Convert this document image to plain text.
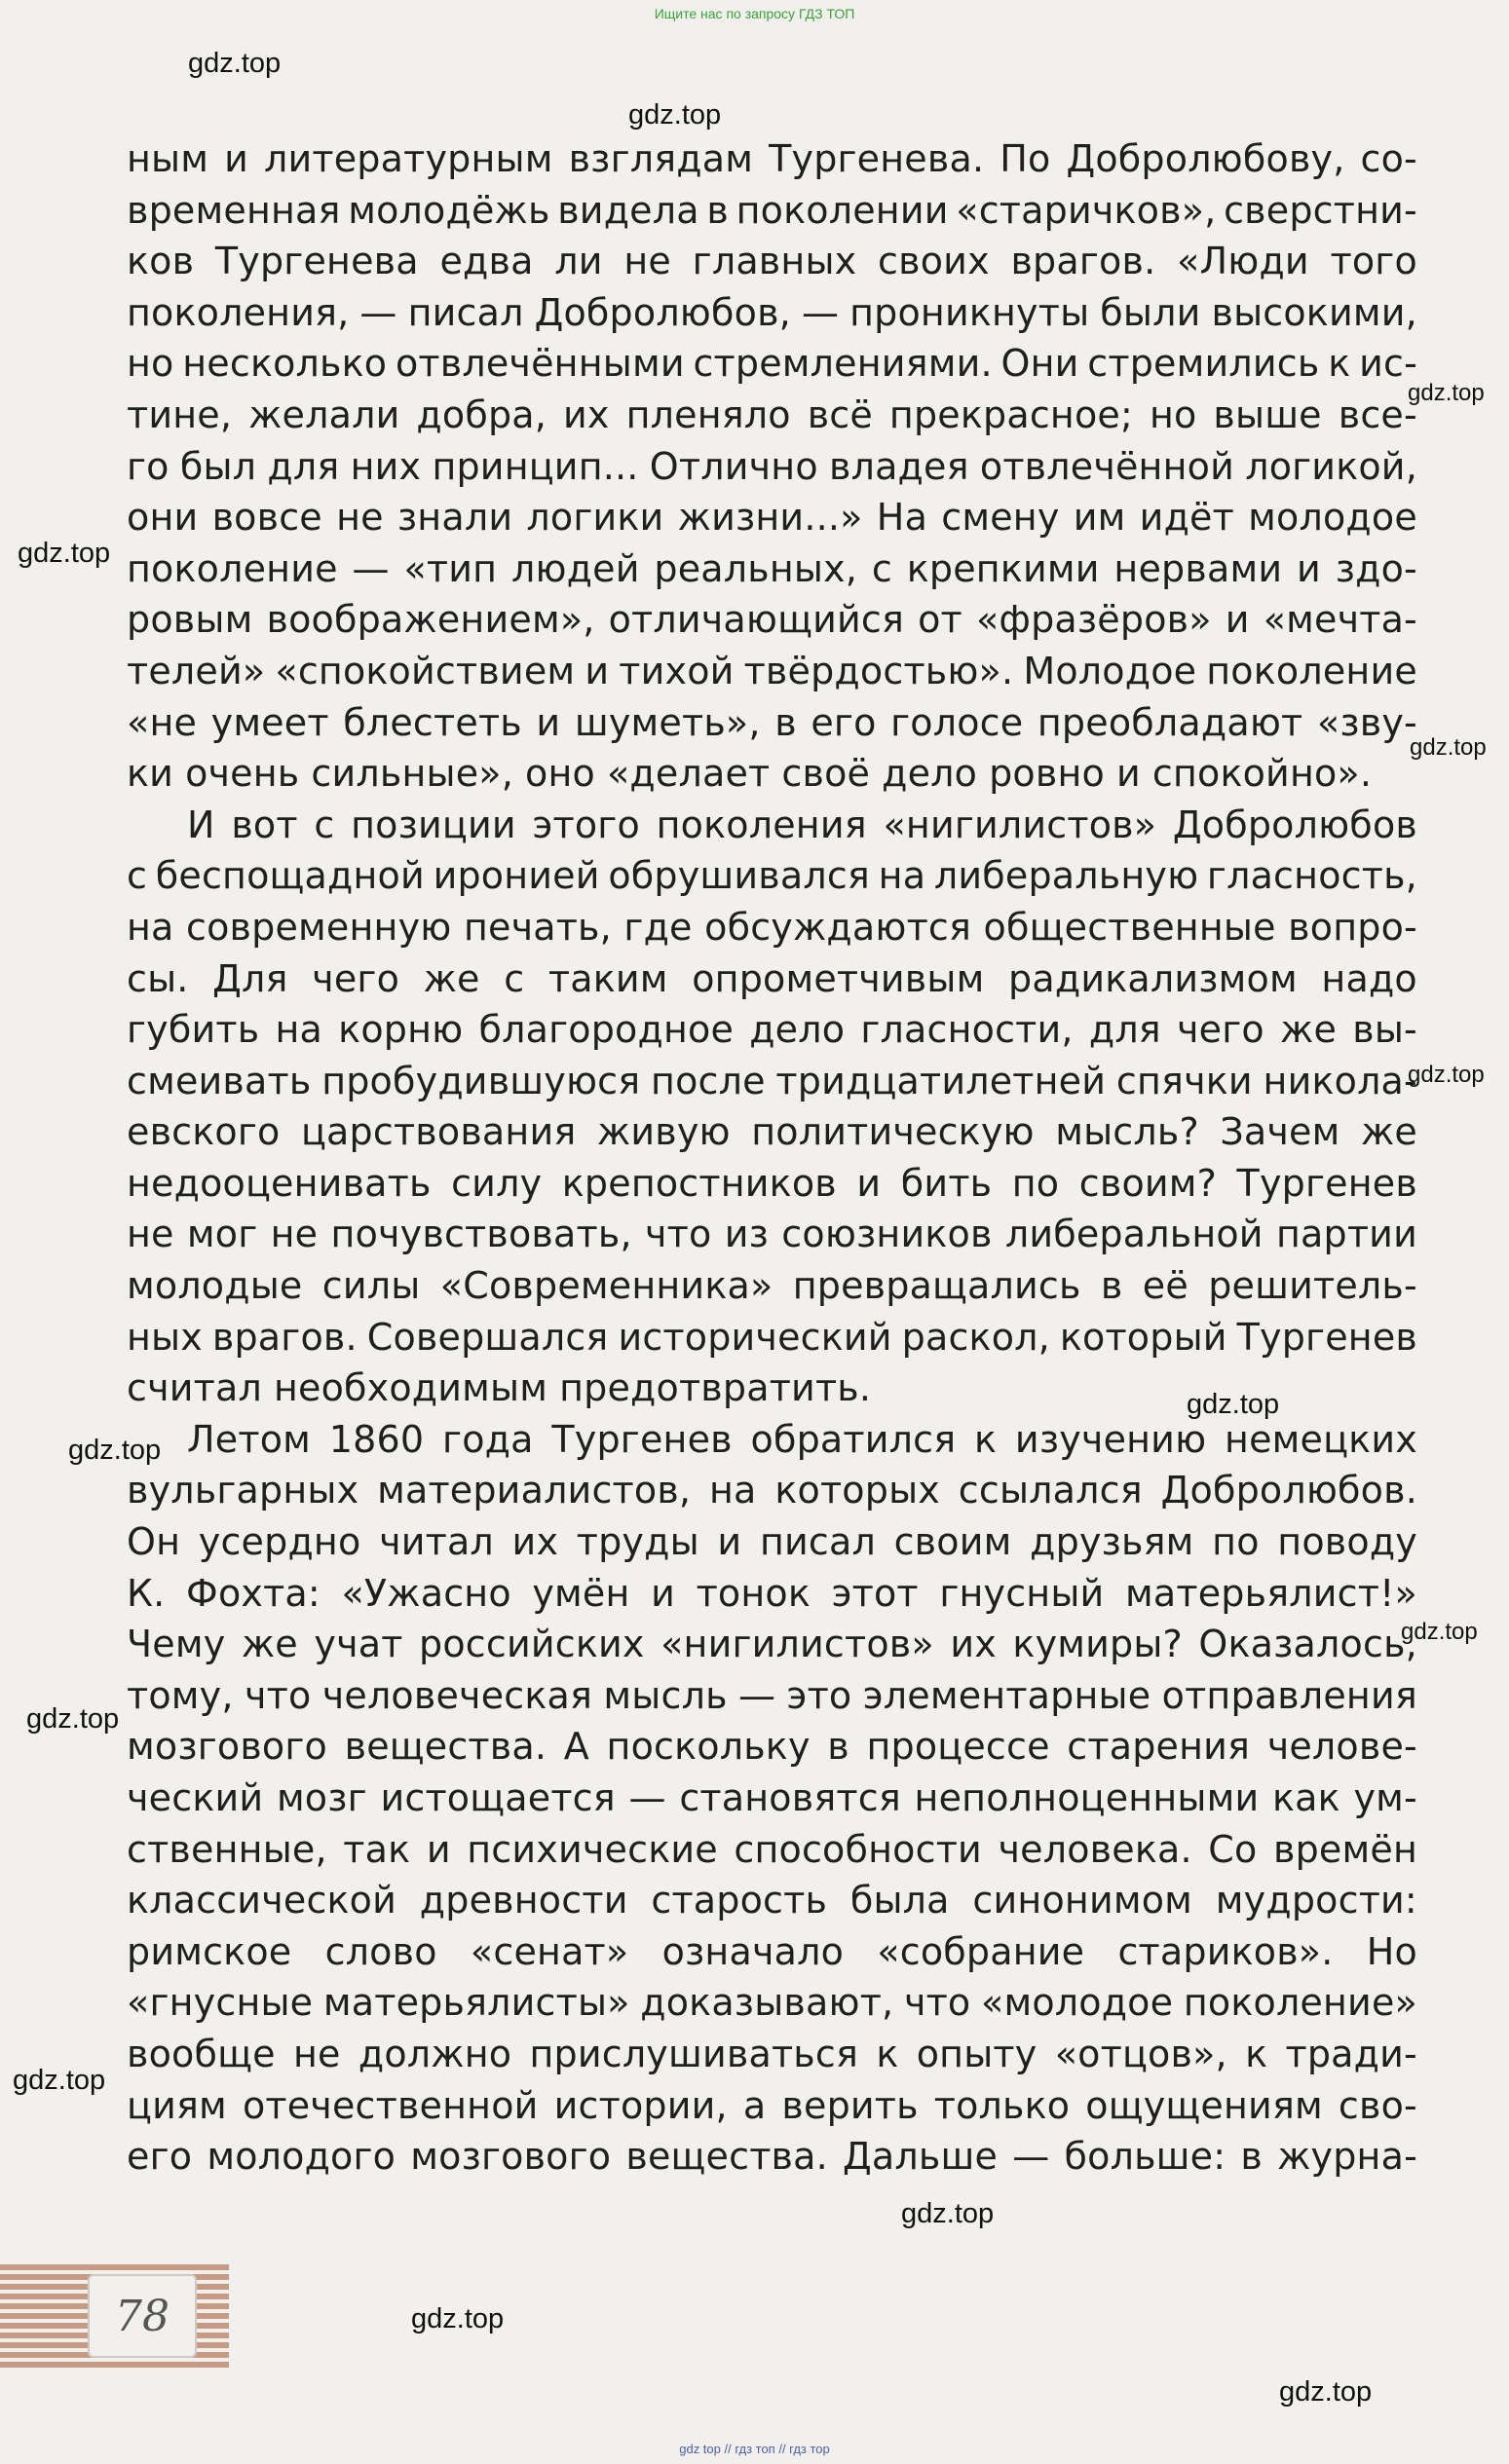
Ищите нас по запросу ГДЗ ТОП
ным и литературным взглядам Тургенева. По Добролюбову, со-
временная молодёжь видела в поколении «старичков», сверстни-
ков Тургенева едва ли не главных своих врагов. «Люди того
поколения, — писал Добролюбов, — проникнуты были высокими,
но несколько отвлечёнными стремлениями. Они стремились к ис-
тине, желали добра, их пленяло всё прекрасное; но выше все-
го был для них принцип... Отлично владея отвлечённой логикой,
они вовсе не знали логики жизни...» На смену им идёт молодое
поколение — «тип людей реальных, с крепкими нервами и здо-
ровым воображением», отличающийся от «фразёров» и «мечта-
телей» «спокойствием и тихой твёрдостью». Молодое поколение
«не умеет блестеть и шуметь», в его голосе преобладают «зву-
ки очень сильные», оно «делает своё дело ровно и спокойно».
И вот с позиции этого поколения «нигилистов» Добролюбов
с беспощадной иронией обрушивался на либеральную гласность,
на современную печать, где обсуждаются общественные вопро-
сы. Для чего же с таким опрометчивым радикализмом надо
губить на корню благородное дело гласности, для чего же вы-
смеивать пробудившуюся после тридцатилетней спячки никола-
евского царствования живую политическую мысль? Зачем же
недооценивать силу крепостников и бить по своим? Тургенев
не мог не почувствовать, что из союзников либеральной партии
молодые силы «Современника» превращались в её решитель-
ных врагов. Совершался исторический раскол, который Тургенев
считал необходимым предотвратить.
Летом 1860 года Тургенев обратился к изучению немецких
вульгарных материалистов, на которых ссылался Добролюбов.
Он усердно читал их труды и писал своим друзьям по поводу
К. Фохта: «Ужасно умён и тонок этот гнусный матерьялист!»
Чему же учат российских «нигилистов» их кумиры? Оказалось,
тому, что человеческая мысль — это элементарные отправления
мозгового вещества. А поскольку в процессе старения челове-
ческий мозг истощается — становятся неполноценными как ум-
ственные, так и психические способности человека. Со времён
классической древности старость была синонимом мудрости:
римское слово «сенат» означало «собрание стариков». Но
«гнусные матерьялисты» доказывают, что «молодое поколение»
вообще не должно прислушиваться к опыту «отцов», к тради-
циям отечественной истории, а верить только ощущениям сво-
его молодого мозгового вещества. Дальше — больше: в журна-
gdz.top
gdz.top
gdz.top
gdz.top
gdz.top
gdz.top
gdz.top
gdz.top
gdz.top
gdz.top
gdz.top
gdz.top
gdz.top
gdz.top
78
gdz top // гдз топ // гдз тор
